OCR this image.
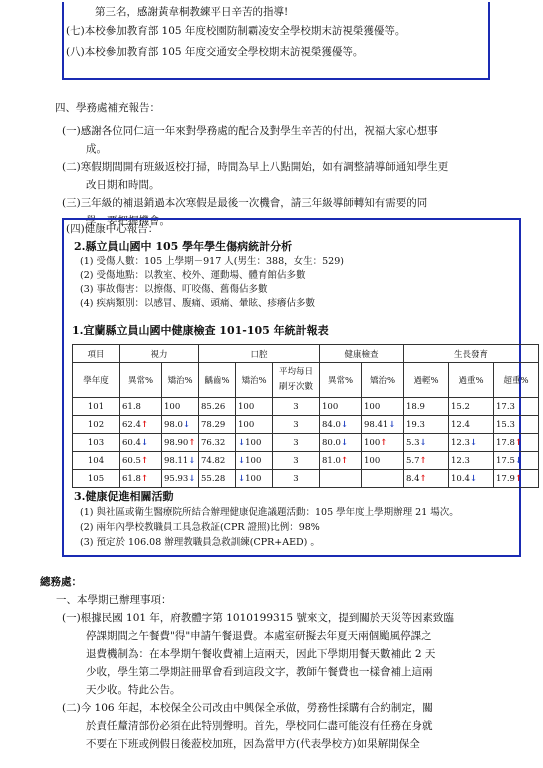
第三名，感謝黃韋桐教練平日辛苦的指導!
(七)本校參加教育部 105 年度校園防制霸凌安全學校期末訪視榮獲優等。
(八)本校參加教育部 105 年度交通安全學校期末訪視榮獲優等。
四、學務處補充報告：
(一)感謝各位同仁這一年來對學務處的配合及對學生辛苦的付出，祝福大家心想事
成。
(二)寒假期間開有班級返校打掃，時間為早上八點開始，如有調整請導師通知學生更
改日期和時間。
(三)三年級的補退銷過本次寒假是最後一次機會，請三年級導師轉知有需要的同
學，要把握機會。
(四)健康中心報告：
2.縣立員山國中 105 學年學生傷病統計分析
(1) 受傷人數：105 上學期－917 人(男生：388，女生：529)
(2) 受傷地點：以教室、校外、運動場、體育館佔多數
(3) 事故傷害：以擦傷、叮咬傷、舊傷佔多數
(4) 疾病類別：以感冒、腹痛、頭痛、暈眩、疹癢佔多數
1.宜蘭縣立員山國中健康檢查 101-105 年統計報表
項目	視力		口腔			健康檢查		生長發育		
學年度	異常%	矯治%	齲齒%	矯治%	平均每日
刷牙次數	異常%	矯治%	過輕%	過重%	超重%
101	61.8	100	85.26	100	3	100	100	18.9	15.2	17.3
102	62.4↑	98.0↓	78.29	100	3	84.0↓	98.41↓	19.3	12.4	15.3
103	60.4↓	98.90↑	76.32	↓100	3	80.0↓	100↑	5.3↓	12.3↓	17.8↑
104	60.5↑	98.11↓	74.82	↓100	3	81.0↑	100	5.7↑	12.3	17.5↓
105	61.8↑	95.93↓	55.28	↓100	3			8.4↑	10.4↓	17.9↑
3.健康促進相關活動
(1) 與社區或衛生醫療院所結合辦理健康促進議題活動：105 學年度上學期辦理 21 場次。
(2) 兩年內學校教職員工具急救証(CPR 證照)比例：98%
(3) 預定於 106.08 辦理教職員急救訓練(CPR+AED) 。
總務處：
一、本學期已辦理事項：
(一)根據民國 101 年，府教體字第 1010199315 號來文，提到關於天災等因素致臨
停課期間之午餐費"得"申請午餐退費。本處室研擬去年夏天兩個颱風停課之
退費機制為：在本學期午餐收費補上這兩天，因此下學期用餐天數補此 2 天
少收，學生第二學期註冊單會看到這段文字，教師午餐費也一樣會補上這兩
天少收。特此公告。
(二)今 106 年起，本校保全公司改由中興保全承做，勞務性採購有合約制定，關
於責任釐清部份必須在此特別聲明。首先，學校同仁盡可能沒有任務在身就
不要在下班或例假日後蒞校加班，因為當甲方(代表學校方)如果解開保全
